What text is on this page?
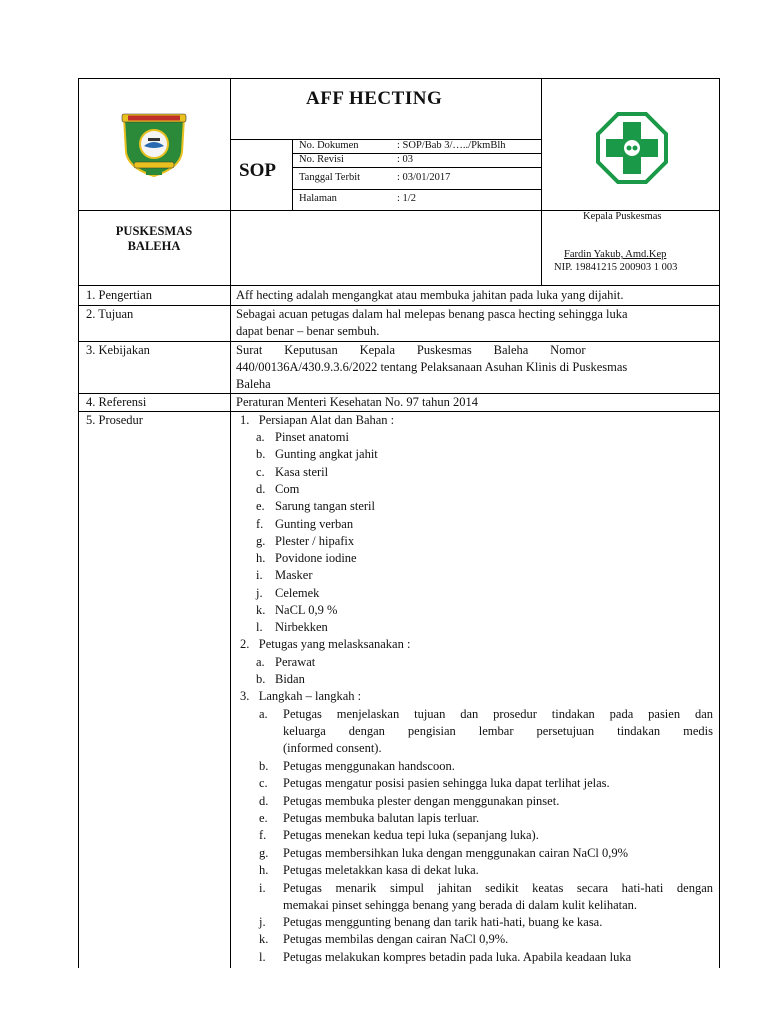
AFF HECTING
SOP
No. Dokumen	: SOP/Bab 3/…../PkmBlh
No. Revisi	: 03
Tanggal Terbit	: 03/01/2017
Halaman	: 1/2
PUSKESMAS
BALEHA
Kepala Puskesmas
Fardin Yakub, Amd.Kep
NIP. 19841215 200903 1 003
1. Pengertian	Aff hecting adalah mengangkat atau membuka jahitan pada luka yang dijahit.
2. Tujuan	Sebagai acuan petugas dalam hal melepas benang pasca hecting sehingga luka
dapat benar – benar sembuh.
3. Kebijakan	Surat       Keputusan       Kepala       Puskesmas       Baleha       Nomor
440/00136A/430.9.3.6/2022 tentang Pelaksanaan Asuhan Klinis di Puskesmas
Baleha
4. Referensi	Peraturan Menteri Kesehatan No. 97 tahun 2014
5. Prosedur	1.   Persiapan Alat dan Bahan :
a. Pinset anatomi
b. Gunting angkat jahit
c. Kasa steril
d. Com
e. Sarung tangan steril
f. Gunting verban
g. Plester / hipafix
h. Povidone iodine
i. Masker
j. Celemek
k. NaCL 0,9 %
l. Nirbekken
2.   Petugas yang melasksanakan :
a. Perawat
b. Bidan
3.   Langkah – langkah :
a. Petugas menjelaskan tujuan dan prosedur tindakan pada pasien dan
keluarga dengan pengisian lembar persetujuan tindakan medis
(informed consent).
b. Petugas menggunakan handscoon.
c. Petugas mengatur posisi pasien sehingga luka dapat terlihat jelas.
d. Petugas membuka plester dengan menggunakan pinset.
e. Petugas membuka balutan lapis terluar.
f. Petugas menekan kedua tepi luka (sepanjang luka).
g. Petugas membersihkan luka dengan menggunakan cairan NaCl 0,9%
h. Petugas meletakkan kasa di dekat luka.
i. Petugas menarik simpul jahitan sedikit keatas secara hati-hati dengan
memakai pinset sehingga benang yang berada di dalam kulit kelihatan.
j. Petugas menggunting benang dan tarik hati-hati, buang ke kasa.
k. Petugas membilas dengan cairan NaCl 0,9%.
l. Petugas melakukan kompres betadin pada luka. Apabila keadaan luka
